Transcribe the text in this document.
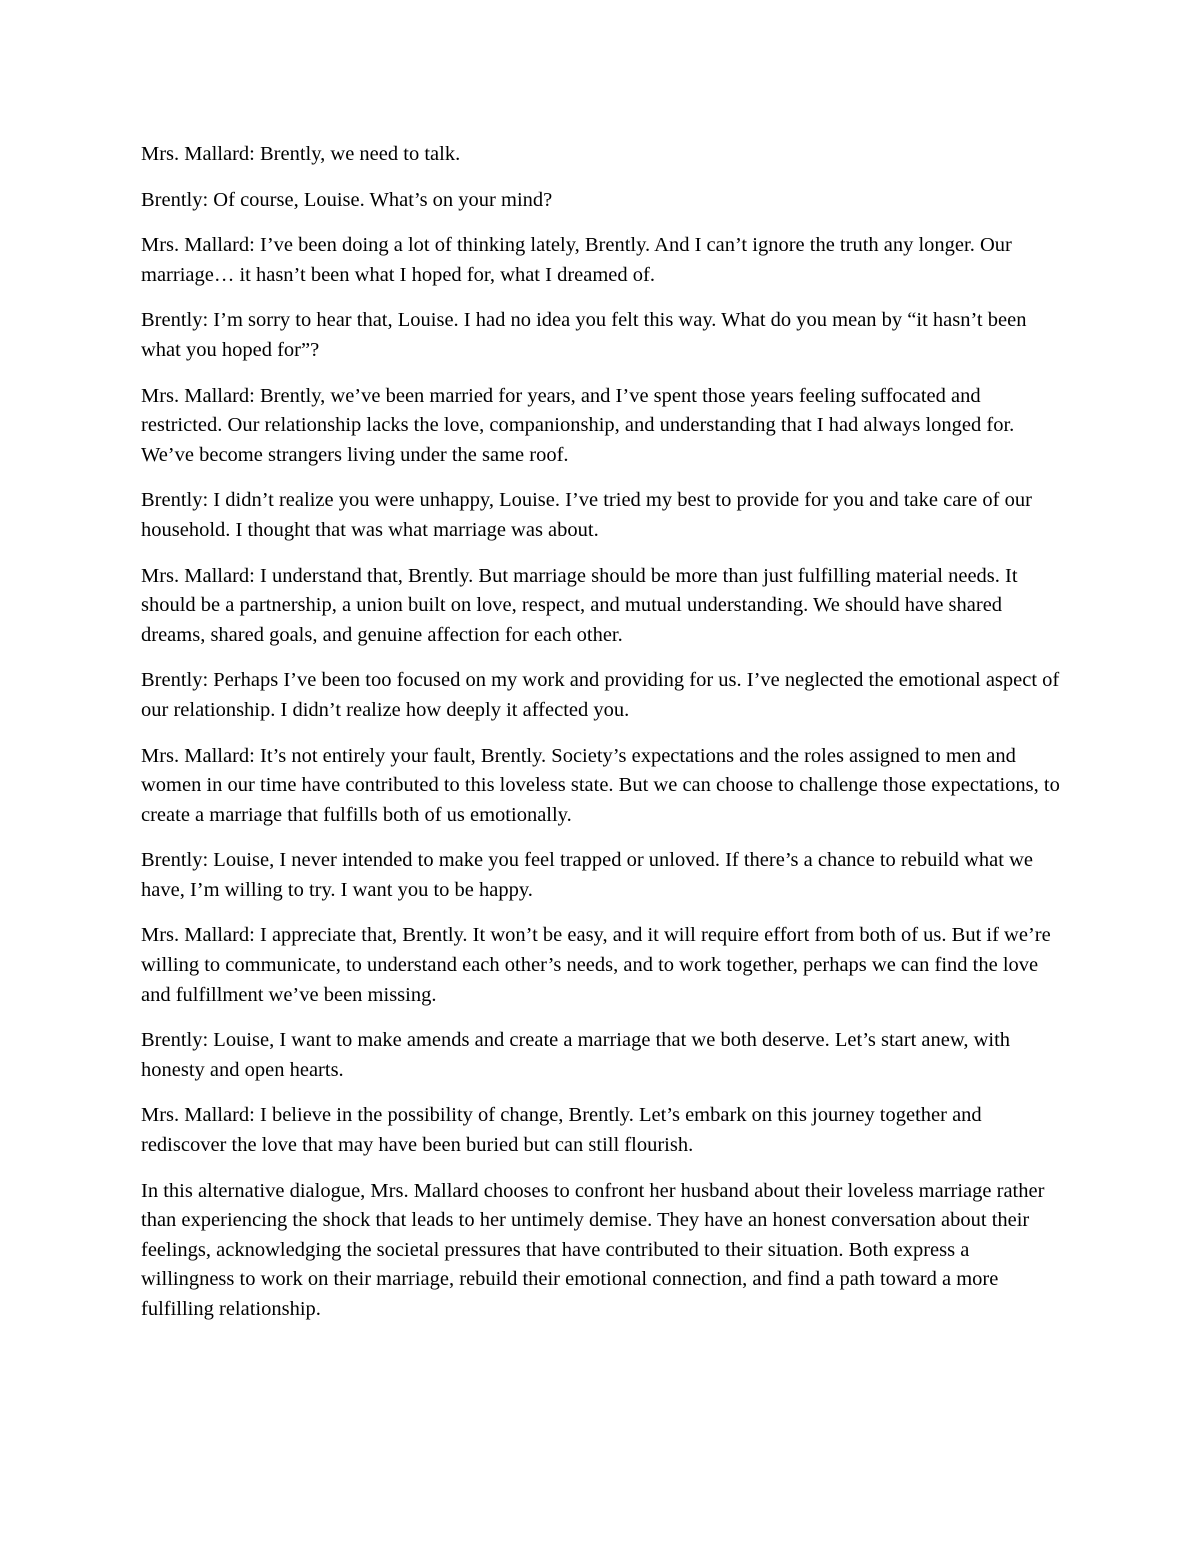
Mrs. Mallard: Brently, we need to talk.

Brently: Of course, Louise. What’s on your mind?

Mrs. Mallard: I’ve been doing a lot of thinking lately, Brently. And I can’t ignore the truth any longer. Our marriage… it hasn’t been what I hoped for, what I dreamed of.

Brently: I’m sorry to hear that, Louise. I had no idea you felt this way. What do you mean by “it hasn’t been what you hoped for”?

Mrs. Mallard: Brently, we’ve been married for years, and I’ve spent those years feeling suffocated and restricted. Our relationship lacks the love, companionship, and understanding that I had always longed for. We’ve become strangers living under the same roof.

Brently: I didn’t realize you were unhappy, Louise. I’ve tried my best to provide for you and take care of our household. I thought that was what marriage was about.

Mrs. Mallard: I understand that, Brently. But marriage should be more than just fulfilling material needs. It should be a partnership, a union built on love, respect, and mutual understanding. We should have shared dreams, shared goals, and genuine affection for each other.

Brently: Perhaps I’ve been too focused on my work and providing for us. I’ve neglected the emotional aspect of our relationship. I didn’t realize how deeply it affected you.

Mrs. Mallard: It’s not entirely your fault, Brently. Society’s expectations and the roles assigned to men and women in our time have contributed to this loveless state. But we can choose to challenge those expectations, to create a marriage that fulfills both of us emotionally.

Brently: Louise, I never intended to make you feel trapped or unloved. If there’s a chance to rebuild what we have, I’m willing to try. I want you to be happy.

Mrs. Mallard: I appreciate that, Brently. It won’t be easy, and it will require effort from both of us. But if we’re willing to communicate, to understand each other’s needs, and to work together, perhaps we can find the love and fulfillment we’ve been missing.

Brently: Louise, I want to make amends and create a marriage that we both deserve. Let’s start anew, with honesty and open hearts.

Mrs. Mallard: I believe in the possibility of change, Brently. Let’s embark on this journey together and rediscover the love that may have been buried but can still flourish.

In this alternative dialogue, Mrs. Mallard chooses to confront her husband about their loveless marriage rather than experiencing the shock that leads to her untimely demise. They have an honest conversation about their feelings, acknowledging the societal pressures that have contributed to their situation. Both express a willingness to work on their marriage, rebuild their emotional connection, and find a path toward a more fulfilling relationship.
